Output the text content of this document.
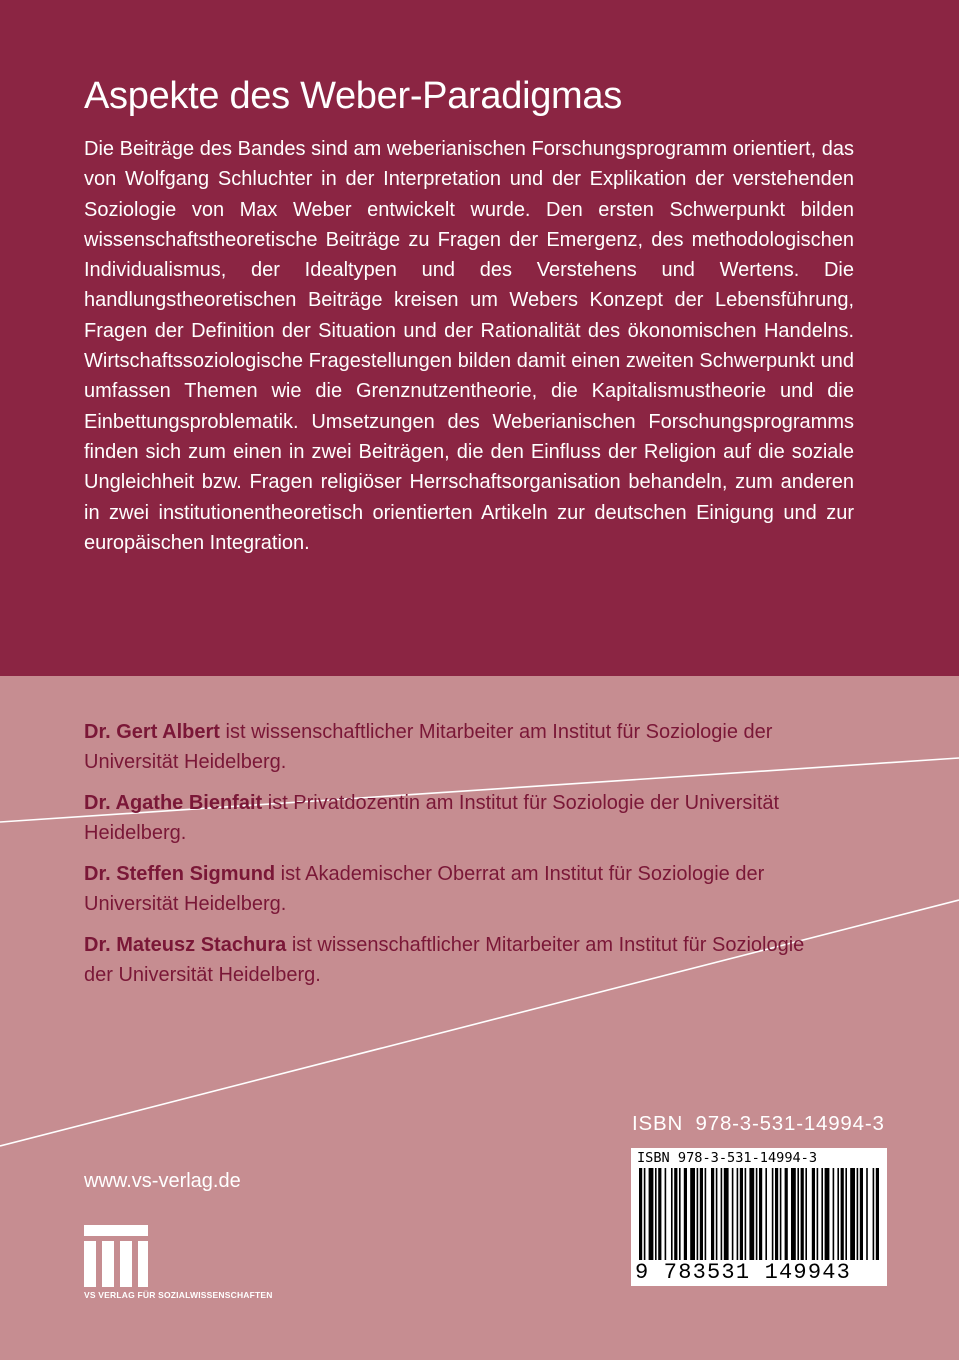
Aspekte des Weber-Paradigmas

Die Beiträge des Bandes sind am weberianischen Forschungsprogramm orientiert, das von Wolfgang Schluchter in der Interpretation und der Explikation der verstehenden Soziologie von Max Weber entwickelt wurde. Den ersten Schwerpunkt bilden wissenschaftstheoretische Beiträge zu Fragen der Emergenz, des methodologischen Individualismus, der Idealtypen und des Verstehens und Wertens. Die handlungstheoretischen Beiträge kreisen um Webers Konzept der Lebensführung, Fragen der Definition der Situation und der Rationalität des ökonomischen Handelns. Wirtschaftssoziologische Fragestellungen bilden damit einen zweiten Schwerpunkt und umfassen Themen wie die Grenznutzentheorie, die Kapitalismustheorie und die Einbettungsproblematik. Umsetzungen des Weberianischen Forschungsprogramms finden sich zum einen in zwei Beiträgen, die den Einfluss der Religion auf die soziale Ungleichheit bzw. Fragen religiöser Herrschaftsorganisation behandeln, zum anderen in zwei institutionentheoretisch orientierten Artikeln zur deutschen Einigung und zur europäischen Integration.

Dr. Gert Albert ist wissenschaftlicher Mitarbeiter am Institut für Soziologie der Universität Heidelberg.

Dr. Agathe Bienfait ist Privatdozentin am Institut für Soziologie der Universität Heidelberg.

Dr. Steffen Sigmund ist Akademischer Oberrat am Institut für Soziologie der Universität Heidelberg.

Dr. Mateusz Stachura ist wissenschaftlicher Mitarbeiter am Institut für Soziologie der Universität Heidelberg.

ISBN 978-3-531-14994-3
ISBN 978-3-531-14994-3
9 783531 149943
www.vs-verlag.de
VS VERLAG FÜR SOZIALWISSENSCHAFTEN
